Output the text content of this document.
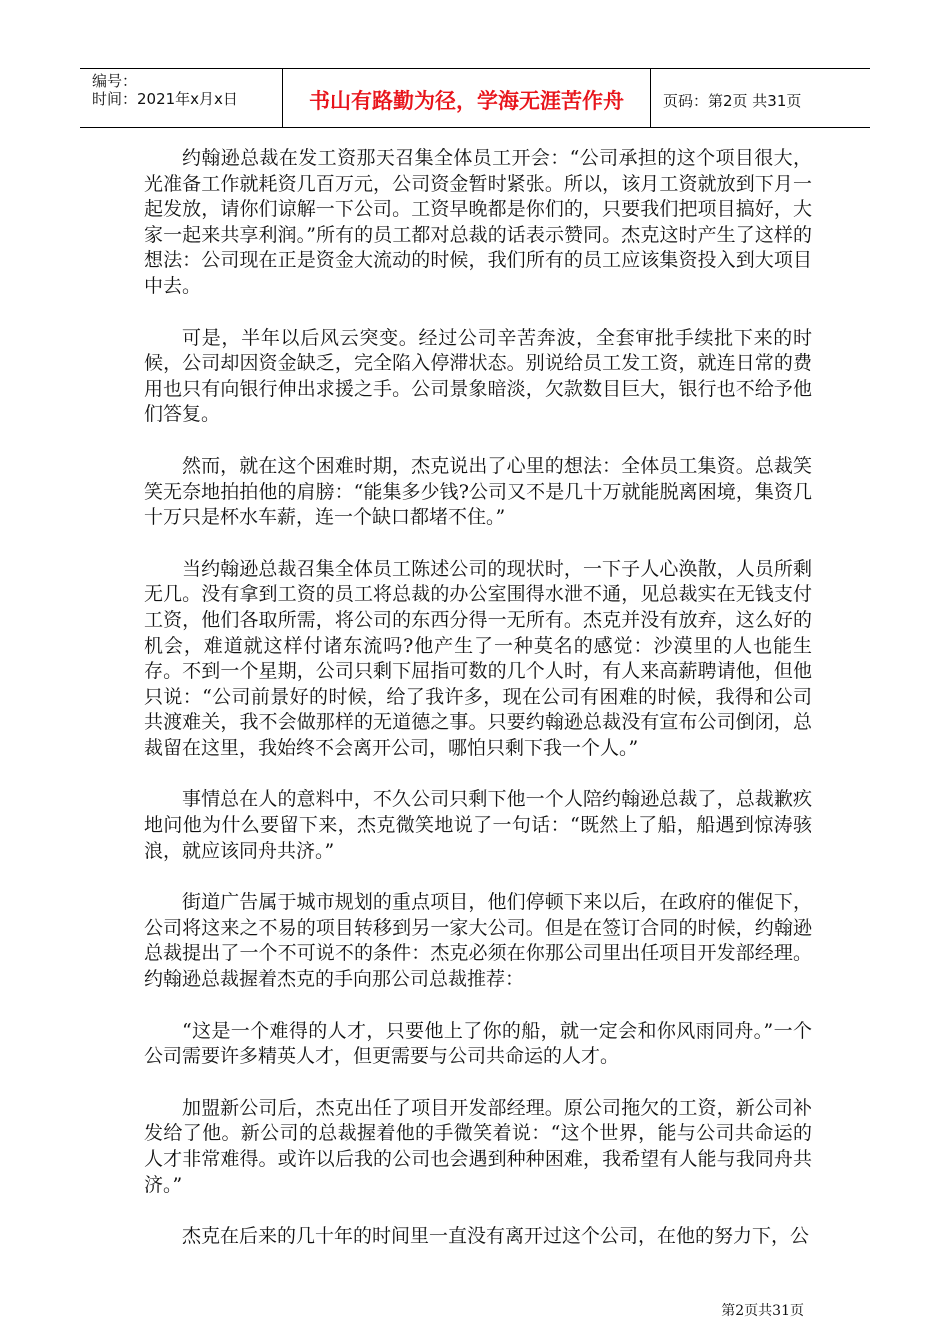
编号：
时间：2021年x月x日	书山有路勤为径，学海无涯苦作舟	页码：第2页 共31页

约翰逊总裁在发工资那天召集全体员工开会：“公司承担的这个项目很大，光准备工作就耗资几百万元，公司资金暂时紧张。所以，该月工资就放到下月一起发放，请你们谅解一下公司。工资早晚都是你们的，只要我们把项目搞好，大家一起来共享利润。”所有的员工都对总裁的话表示赞同。杰克这时产生了这样的想法：公司现在正是资金大流动的时候，我们所有的员工应该集资投入到大项目中去。

可是，半年以后风云突变。经过公司辛苦奔波，全套审批手续批下来的时候，公司却因资金缺乏，完全陷入停滞状态。别说给员工发工资，就连日常的费用也只有向银行伸出求援之手。公司景象暗淡，欠款数目巨大，银行也不给予他们答复。

然而，就在这个困难时期，杰克说出了心里的想法：全体员工集资。总裁笑笑无奈地拍拍他的肩膀：“能集多少钱?公司又不是几十万就能脱离困境，集资几十万只是杯水车薪，连一个缺口都堵不住。”

当约翰逊总裁召集全体员工陈述公司的现状时，一下子人心涣散，人员所剩无几。没有拿到工资的员工将总裁的办公室围得水泄不通，见总裁实在无钱支付工资，他们各取所需，将公司的东西分得一无所有。杰克并没有放弃，这么好的机会，难道就这样付诸东流吗?他产生了一种莫名的感觉：沙漠里的人也能生存。不到一个星期，公司只剩下屈指可数的几个人时，有人来高薪聘请他，但他只说：“公司前景好的时候，给了我许多，现在公司有困难的时候，我得和公司共渡难关，我不会做那样的无道德之事。只要约翰逊总裁没有宣布公司倒闭，总裁留在这里，我始终不会离开公司，哪怕只剩下我一个人。”

事情总在人的意料中，不久公司只剩下他一个人陪约翰逊总裁了，总裁歉疚地问他为什么要留下来，杰克微笑地说了一句话：“既然上了船，船遇到惊涛骇浪，就应该同舟共济。”

街道广告属于城市规划的重点项目，他们停顿下来以后，在政府的催促下，公司将这来之不易的项目转移到另一家大公司。但是在签订合同的时候，约翰逊总裁提出了一个不可说不的条件：杰克必须在你那公司里出任项目开发部经理。约翰逊总裁握着杰克的手向那公司总裁推荐：

“这是一个难得的人才，只要他上了你的船，就一定会和你风雨同舟。”一个公司需要许多精英人才，但更需要与公司共命运的人才。

加盟新公司后，杰克出任了项目开发部经理。原公司拖欠的工资，新公司补发给了他。新公司的总裁握着他的手微笑着说：“这个世界，能与公司共命运的人才非常难得。或许以后我的公司也会遇到种种困难，我希望有人能与我同舟共济。”

杰克在后来的几十年的时间里一直没有离开过这个公司，在他的努力下，公

第2页共31页
